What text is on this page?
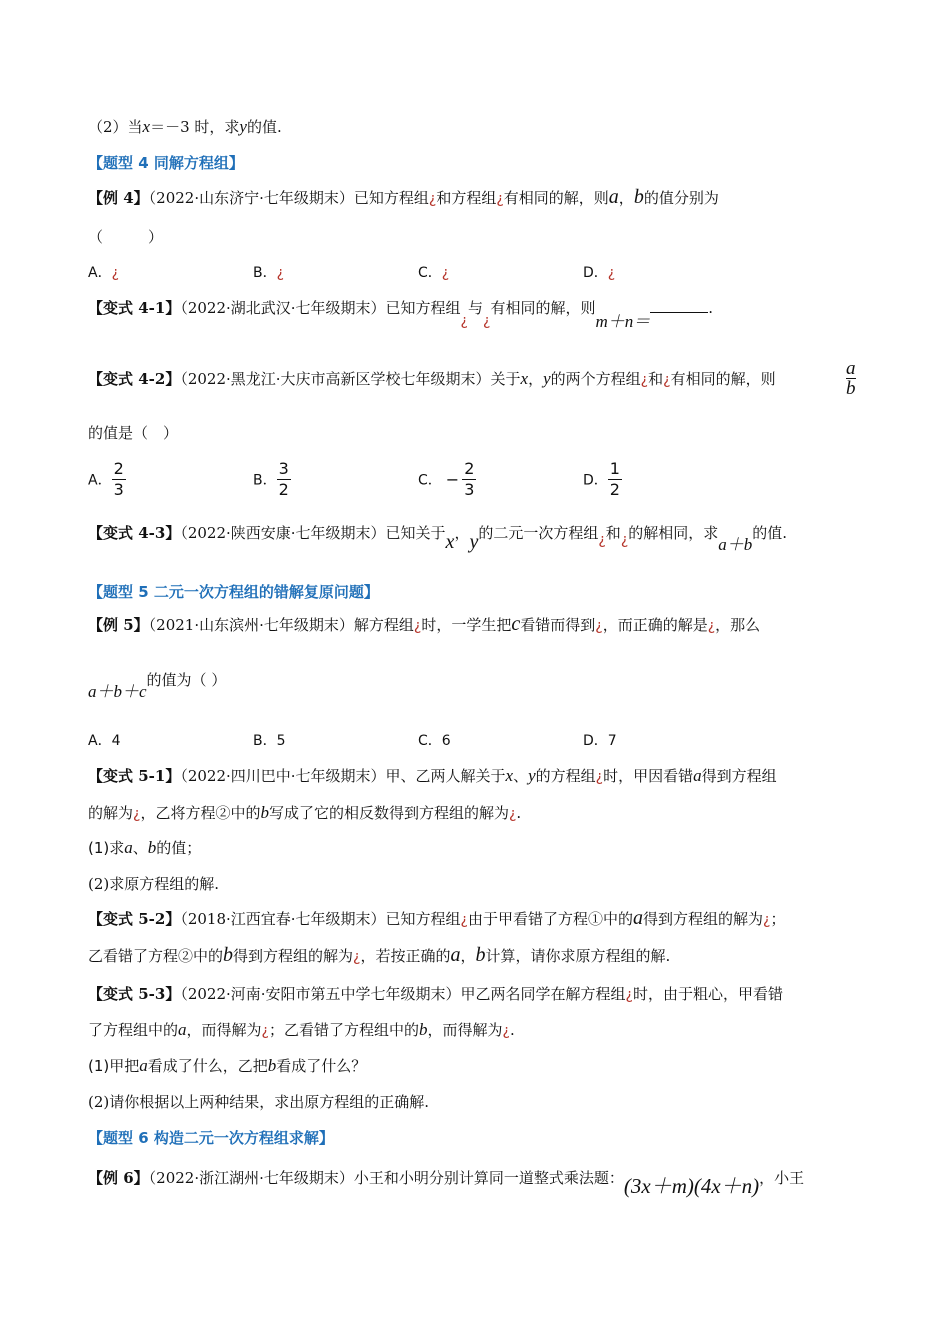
（2）当x＝－3 时，求y的值.
【题型 4 同解方程组】
【例 4】（2022·山东济宁·七年级期末）已知方程组¿和方程组¿有相同的解，则a，b的值分别为
（　　　）
A．¿	B．¿	C．¿	D．¿
【变式 4-1】（2022·湖北武汉·七年级期末）已知方程组¿与¿有相同的解，则m＋n＝.
【变式 4-2】（2022·黑龙江·大庆市高新区学校七年级期末）关于x，y的两个方程组¿和¿有相同的解，则	$\frac{a}{b}$
的值是（　）
A． $\frac{2}{3}$	B． $\frac{3}{2}$	C． − $\frac{2}{3}$	D． $\frac{1}{2}$
【变式 4-3】（2022·陕西安康·七年级期末）已知关于x，y的二元一次方程组¿和¿的解相同，求a＋b的值.
【题型 5 二元一次方程组的错解复原问题】
【例 5】（2021·山东滨州·七年级期末）解方程组¿时，一学生把c看错而得到¿，而正确的解是¿，那么
a＋b＋c的值为（ ）
A．4	B．5	C．6	D．7
【变式 5-1】（2022·四川巴中·七年级期末）甲、乙两人解关于x、y的方程组¿时，甲因看错a得到方程组
的解为¿，乙将方程②中的b写成了它的相反数得到方程组的解为¿.
(1)求a、b的值；
(2)求原方程组的解.
【变式 5-2】（2018·江西宜春·七年级期末）已知方程组¿由于甲看错了方程①中的a得到方程组的解为¿；
乙看错了方程②中的b得到方程组的解为¿，若按正确的a，b计算，请你求原方程组的解.
【变式 5-3】（2022·河南·安阳市第五中学七年级期末）甲乙两名同学在解方程组¿时，由于粗心，甲看错
了方程组中的a，而得解为¿；乙看错了方程组中的b，而得解为¿.
(1)甲把a看成了什么，乙把b看成了什么？
(2)请你根据以上两种结果，求出原方程组的正确解.
【题型 6 构造二元一次方程组求解】
【例 6】（2022·浙江湖州·七年级期末）小王和小明分别计算同一道整式乘法题：(3x＋m)(4x＋n)，小王
